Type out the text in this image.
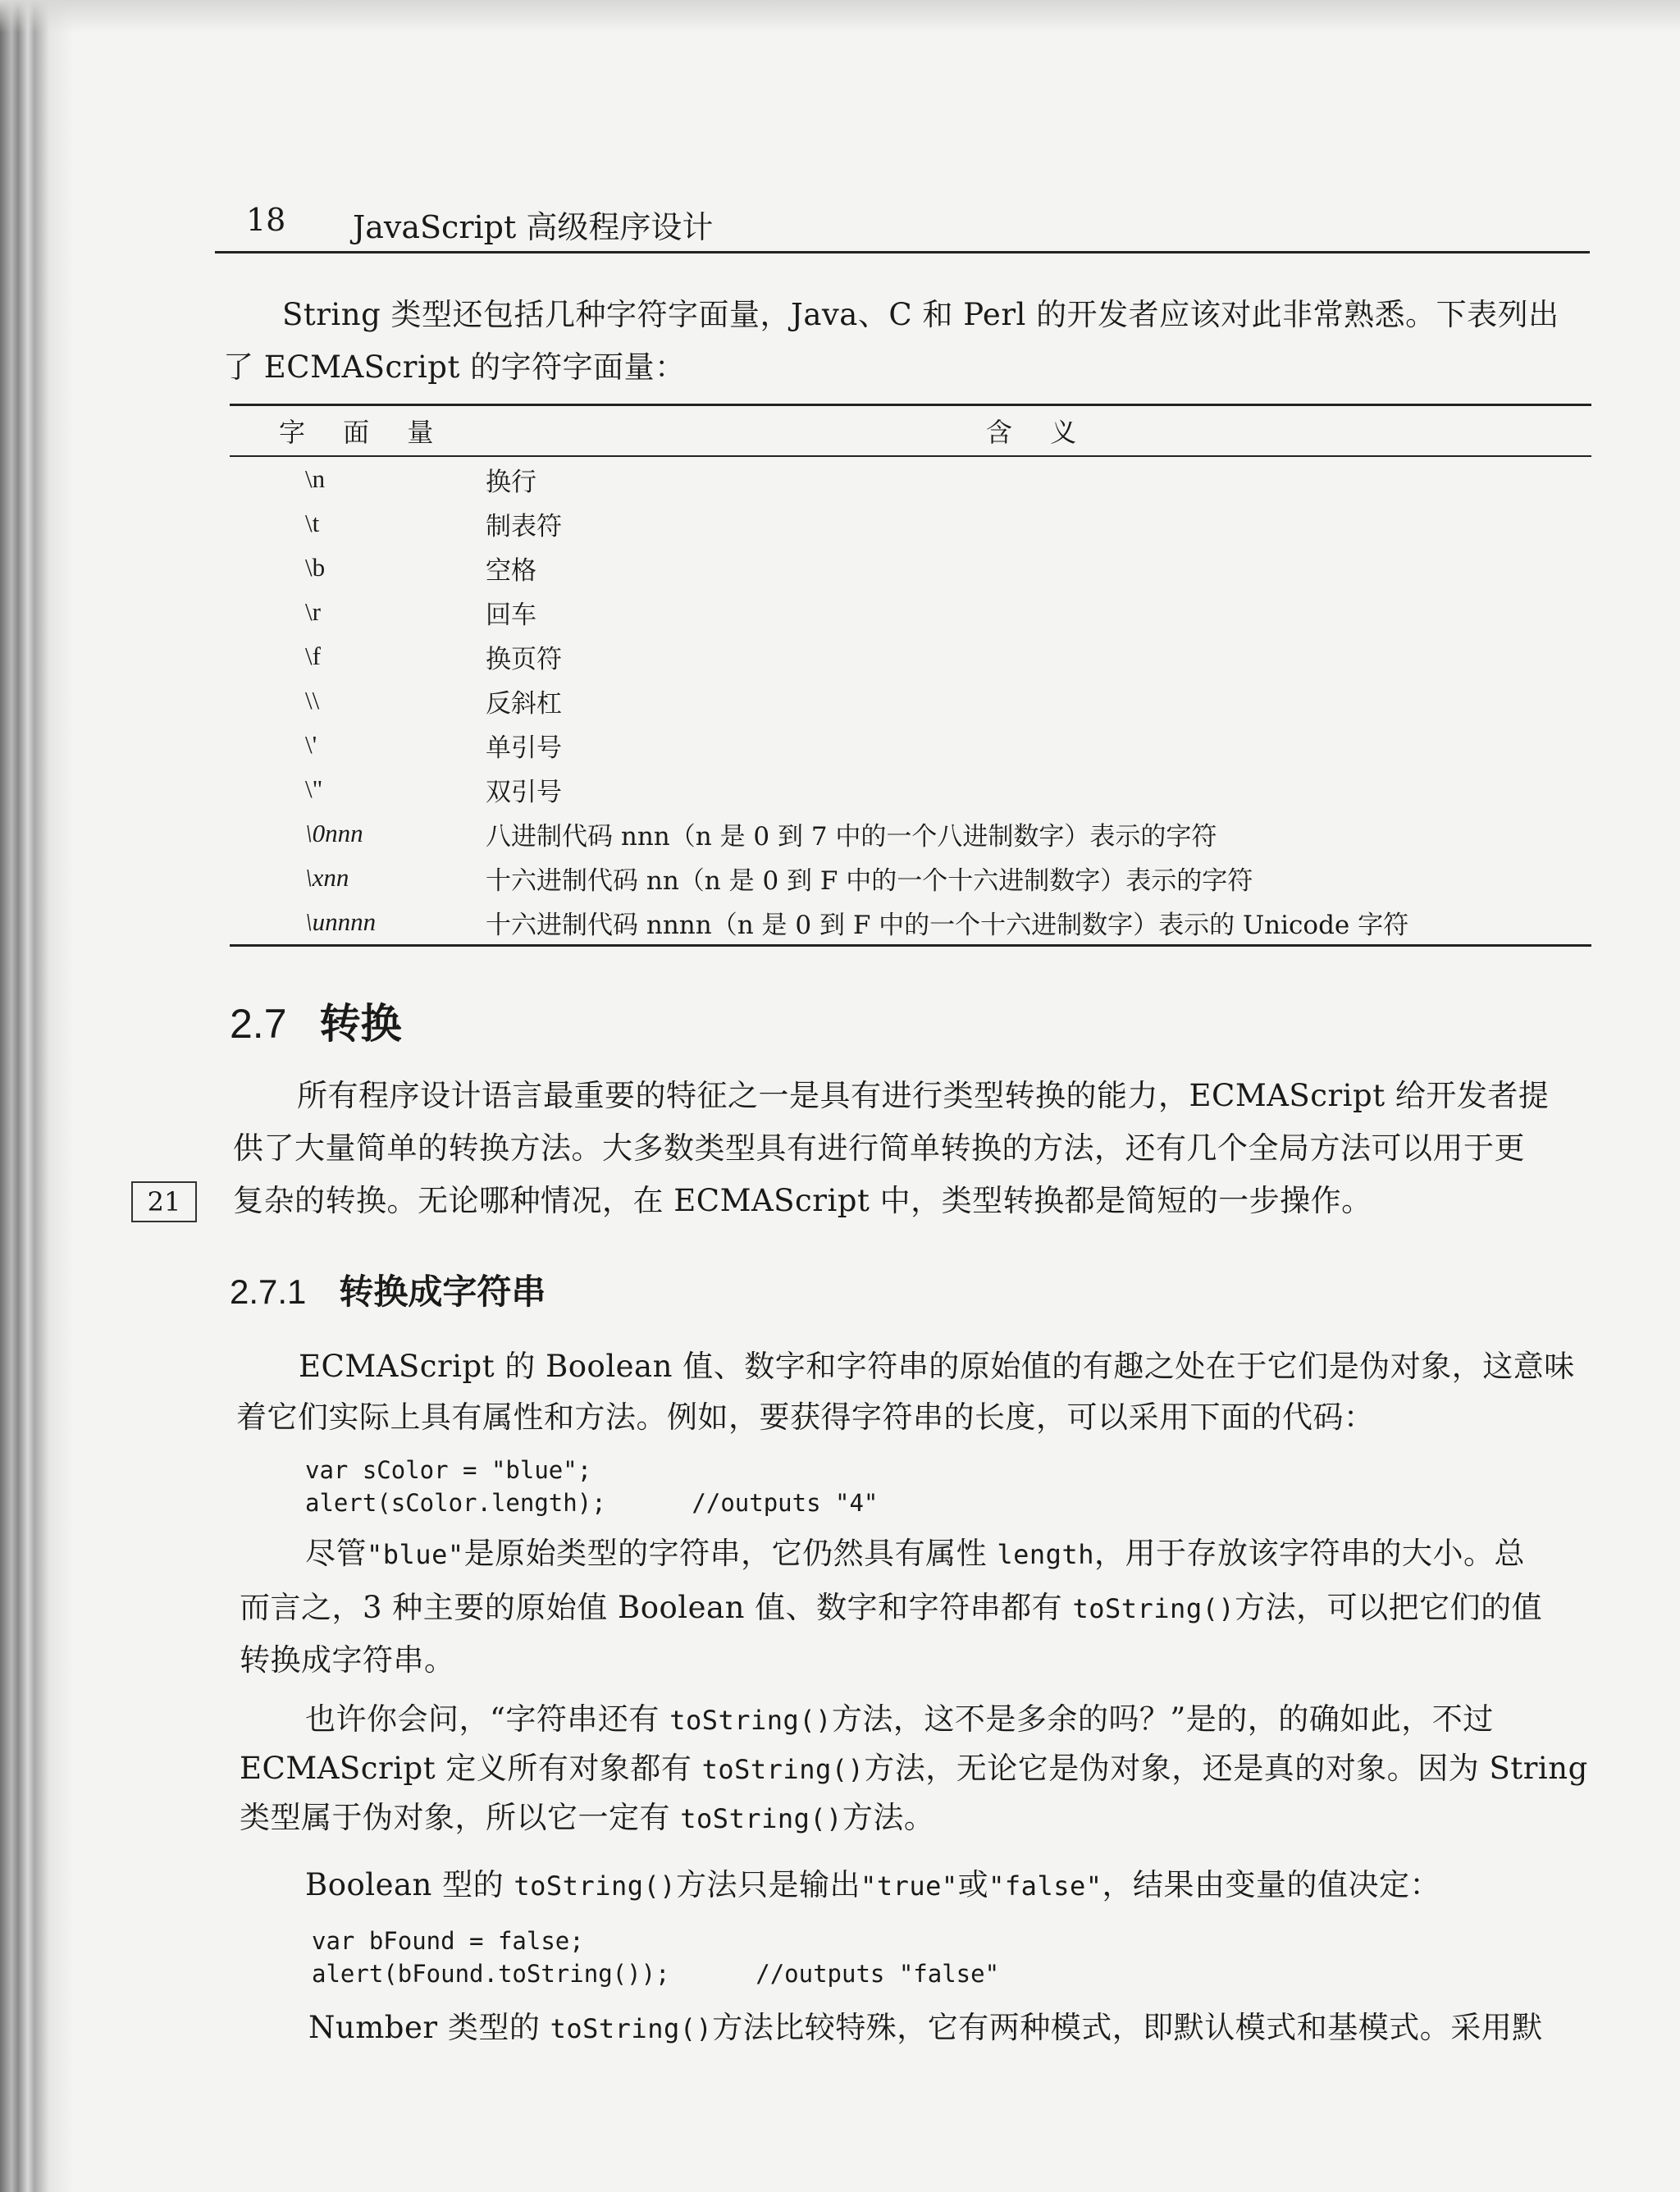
18 JavaScript 高级程序设计
String 类型还包括几种字符字面量，Java、C 和 Perl 的开发者应该对此非常熟悉。下表列出
了 ECMAScript 的字符字面量：
字 面 量	含 义
\n	换行
\t	制表符
\b	空格
\r	回车
\f	换页符
\\	反斜杠
\'	单引号
\"	双引号
\0nnn	八进制代码 nnn（n 是 0 到 7 中的一个八进制数字）表示的字符
\xnn	十六进制代码 nn（n 是 0 到 F 中的一个十六进制数字）表示的字符
\unnnn	十六进制代码 nnnn（n 是 0 到 F 中的一个十六进制数字）表示的 Unicode 字符
2.7 转换
所有程序设计语言最重要的特征之一是具有进行类型转换的能力，ECMAScript 给开发者提
供了大量简单的转换方法。大多数类型具有进行简单转换的方法，还有几个全局方法可以用于更
21	复杂的转换。无论哪种情况，在 ECMAScript 中，类型转换都是简短的一步操作。
2.7.1 转换成字符串
ECMAScript 的 Boolean 值、数字和字符串的原始值的有趣之处在于它们是伪对象，这意味
着它们实际上具有属性和方法。例如，要获得字符串的长度，可以采用下面的代码：
var sColor = "blue";
alert(sColor.length);      //outputs "4"
尽管"blue"是原始类型的字符串，它仍然具有属性 length，用于存放该字符串的大小。总
而言之，3 种主要的原始值 Boolean 值、数字和字符串都有 toString()方法，可以把它们的值
转换成字符串。
也许你会问，“字符串还有 toString()方法，这不是多余的吗？”是的，的确如此，不过
ECMAScript 定义所有对象都有 toString()方法，无论它是伪对象，还是真的对象。因为 String
类型属于伪对象，所以它一定有 toString()方法。
Boolean 型的 toString()方法只是输出"true"或"false"，结果由变量的值决定：
var bFound = false;
alert(bFound.toString());      //outputs "false"
Number 类型的 toString()方法比较特殊，它有两种模式，即默认模式和基模式。采用默
